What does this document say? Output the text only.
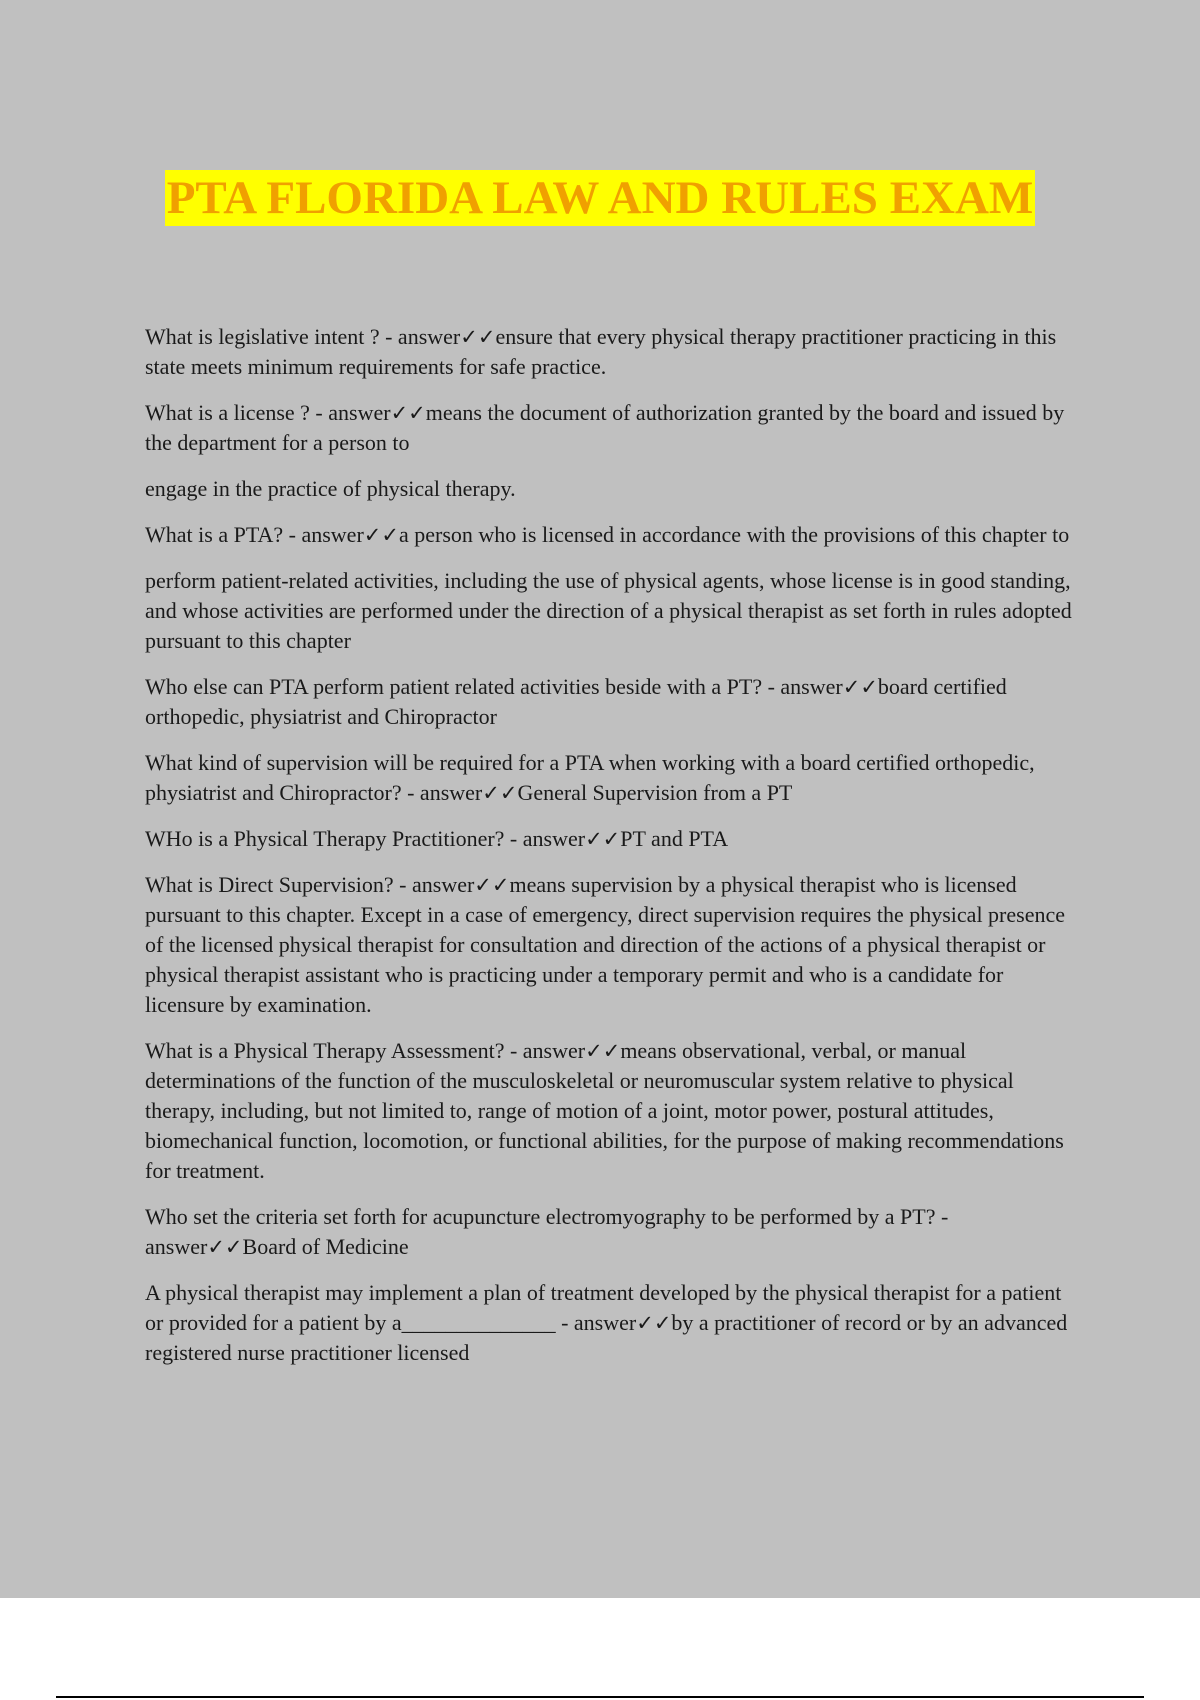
PTA FLORIDA LAW AND RULES EXAM

What is legislative intent ? - answer✓✓ensure that every physical therapy practitioner practicing in this state meets minimum requirements for safe practice.

What is a license ? - answer✓✓means the document of authorization granted by the board and issued by the department for a person to

engage in the practice of physical therapy.

What is a PTA? - answer✓✓a person who is licensed in accordance with the provisions of this chapter to

perform patient-related activities, including the use of physical agents, whose license is in good standing, and whose activities are performed under the direction of a physical therapist as set forth in rules adopted pursuant to this chapter

Who else can PTA perform patient related activities beside with a PT? - answer✓✓board certified orthopedic, physiatrist and Chiropractor

What kind of supervision will be required for a PTA when working with a board certified orthopedic, physiatrist and Chiropractor? - answer✓✓General Supervision from a PT

WHo is a Physical Therapy Practitioner? - answer✓✓PT and PTA

What is Direct Supervision? - answer✓✓means supervision by a physical therapist who is licensed pursuant to this chapter. Except in a case of emergency, direct supervision requires the physical presence of the licensed physical therapist for consultation and direction of the actions of a physical therapist or physical therapist assistant who is practicing under a temporary permit and who is a candidate for licensure by examination.

What is a Physical Therapy Assessment? - answer✓✓means observational, verbal, or manual determinations of the function of the musculoskeletal or neuromuscular system relative to physical therapy, including, but not limited to, range of motion of a joint, motor power, postural attitudes, biomechanical function, locomotion, or functional abilities, for the purpose of making recommendations for treatment.

Who set the criteria set forth for acupuncture electromyography to be performed by a PT? - answer✓✓Board of Medicine

A physical therapist may implement a plan of treatment developed by the physical therapist for a patient or provided for a patient by a______________ - answer✓✓by a practitioner of record or by an advanced registered nurse practitioner licensed
